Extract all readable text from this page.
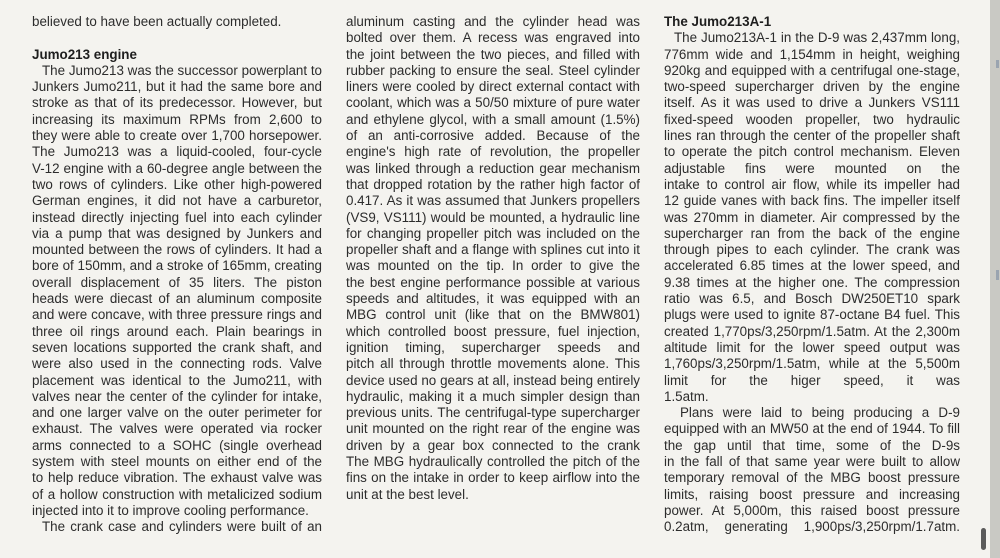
believed to have been actually completed.
Jumo213 engine
The Jumo213 was the successor powerplant to
Junkers Jumo211, but it had the same bore and
stroke as that of its predecessor. However, but
increasing its maximum RPMs from 2,600 to
they were able to create over 1,700 horsepower.
The Jumo213 was a liquid-cooled, four-cycle
V-12 engine with a 60-degree angle between the
two rows of cylinders. Like other high-powered
German engines, it did not have a carburetor,
instead directly injecting fuel into each cylinder
via a pump that was designed by Junkers and
mounted between the rows of cylinders. It had a
bore of 150mm, and a stroke of 165mm, creating
overall displacement of 35 liters. The piston
heads were diecast of an aluminum composite
and were concave, with three pressure rings and
three oil rings around each. Plain bearings in
seven locations supported the crank shaft, and
were also used in the connecting rods. Valve
placement was identical to the Jumo211, with
valves near the center of the cylinder for intake,
and one larger valve on the outer perimeter for
exhaust. The valves were operated via rocker
arms connected to a SOHC (single overhead
system with steel mounts on either end of the
to help reduce vibration. The exhaust valve was
of a hollow construction with metalicized sodium
injected into it to improve cooling performance.
The crank case and cylinders were built of an
aluminum casting and the cylinder head was
bolted over them. A recess was engraved into
the joint between the two pieces, and filled with
rubber packing to ensure the seal. Steel cylinder
liners were cooled by direct external contact with
coolant, which was a 50/50 mixture of pure water
and ethylene glycol, with a small amount (1.5%)
of an anti-corrosive added. Because of the
engine's high rate of revolution, the propeller
was linked through a reduction gear mechanism
that dropped rotation by the rather high factor of
0.417. As it was assumed that Junkers propellers
(VS9, VS111) would be mounted, a hydraulic line
for changing propeller pitch was included on the
propeller shaft and a flange with splines cut into it
was mounted on the tip. In order to give the
the best engine performance possible at various
speeds and altitudes, it was equipped with an
MBG control unit (like that on the BMW801)
which controlled boost pressure, fuel injection,
ignition timing, supercharger speeds and
pitch all through throttle movements alone. This
device used no gears at all, instead being entirely
hydraulic, making it a much simpler design than
previous units. The centrifugal-type supercharger
unit mounted on the right rear of the engine was
driven by a gear box connected to the crank
The MBG hydraulically controlled the pitch of the
fins on the intake in order to keep airflow into the
unit at the best level.
The Jumo213A-1
The Jumo213A-1 in the D-9 was 2,437mm long,
776mm wide and 1,154mm in height, weighing
920kg and equipped with a centrifugal one-stage,
two-speed supercharger driven by the engine
itself. As it was used to drive a Junkers VS111
fixed-speed wooden propeller, two hydraulic
lines ran through the center of the propeller shaft
to operate the pitch control mechanism. Eleven
adjustable fins were mounted on the
intake to control air flow, while its impeller had
12 guide vanes with back fins. The impeller itself
was 270mm in diameter. Air compressed by the
supercharger ran from the back of the engine
through pipes to each cylinder. The crank was
accelerated 6.85 times at the lower speed, and
9.38 times at the higher one. The compression
ratio was 6.5, and Bosch DW250ET10 spark
plugs were used to ignite 87-octane B4 fuel. This
created 1,770ps/3,250rpm/1.5atm. At the 2,300m
altitude limit for the lower speed output was
1,760ps/3,250rpm/1.5atm, while at the 5,500m
limit for the higer speed, it was
1.5atm.
Plans were laid to being producing a D-9
equipped with an MW50 at the end of 1944. To fill
the gap until that time, some of the D-9s
in the fall of that same year were built to allow
temporary removal of the MBG boost pressure
limits, raising boost pressure and increasing
power. At 5,000m, this raised boost pressure
0.2atm, generating 1,900ps/3,250rpm/1.7atm.
